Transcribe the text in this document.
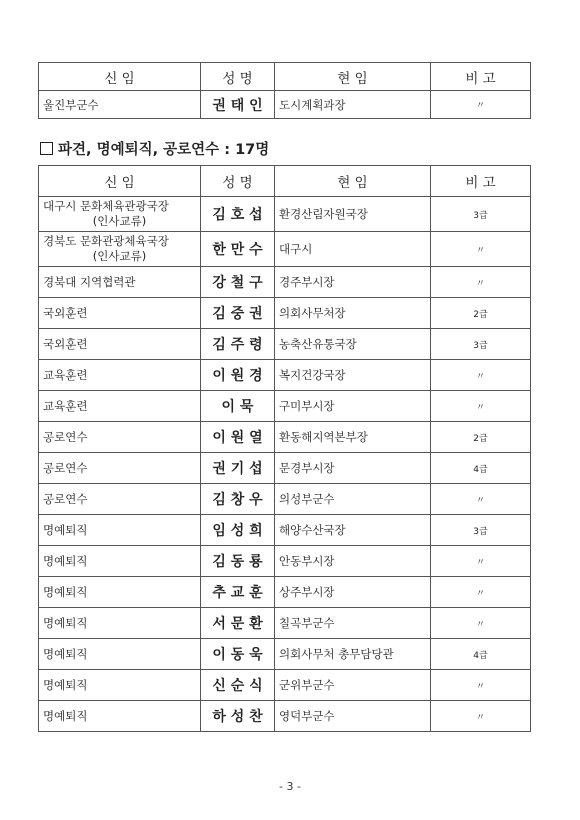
신 임	성 명	현 임	비 고
울진부군수	권 태 인	도시계획과장	〃
파견, 명예퇴직, 공로연수 : 17명
신 임	성 명	현 임	비 고
대구시 문화체육관광국장
(인사교류)	김 호 섭	환경산림자원국장	3급
경북도 문화관광체육국장
(인사교류)	한 만 수	대구시	〃
경북대 지역협력관	강 철 구	경주부시장	〃
국외훈련	김 중 권	의회사무처장	2급
국외훈련	김 주 령	농축산유통국장	3급
교육훈련	이 원 경	복지건강국장	〃
교육훈련	이 묵	구미부시장	〃
공로연수	이 원 열	환동해지역본부장	2급
공로연수	권 기 섭	문경부시장	4급
공로연수	김 창 우	의성부군수	〃
명예퇴직	임 성 희	해양수산국장	3급
명예퇴직	김 동 룡	안동부시장	〃
명예퇴직	추 교 훈	상주부시장	〃
명예퇴직	서 문 환	칠곡부군수	〃
명예퇴직	이 동 욱	의회사무처 총무담당관	4급
명예퇴직	신 순 식	군위부군수	〃
명예퇴직	하 성 찬	영덕부군수	〃
- 3 -
